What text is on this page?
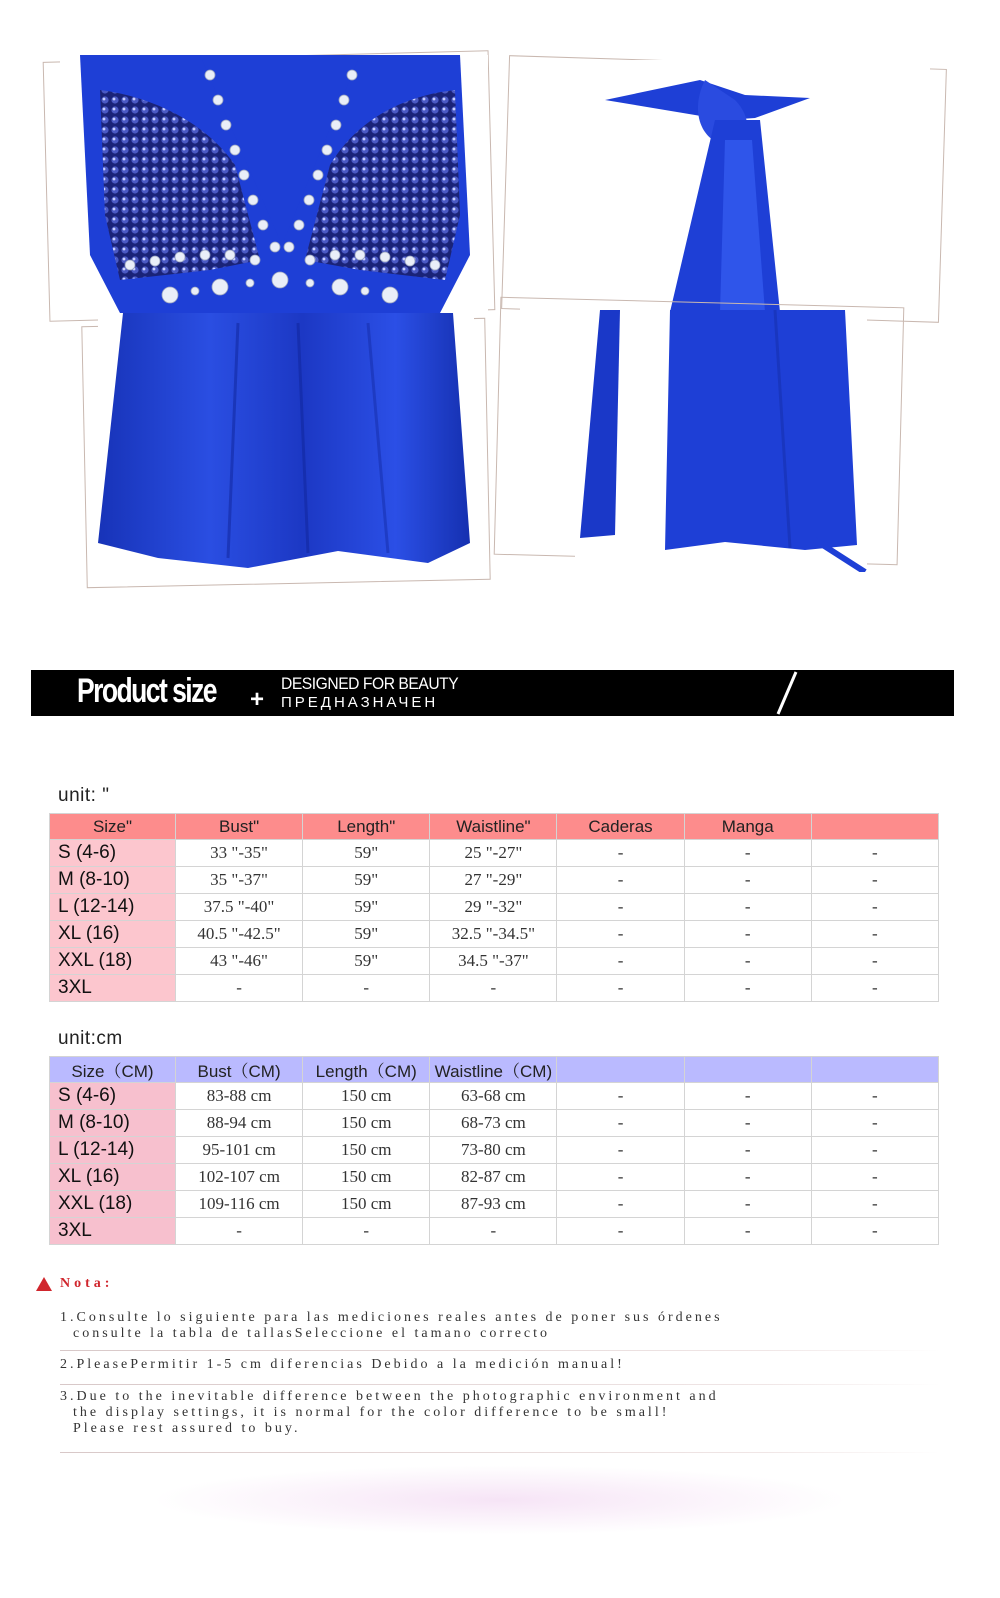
Product size +
DESIGNED FOR BEAUTY
ПРЕДНАЗНАЧЕН
unit: "
Size"	Bust"	Length"	Waistline"	Caderas	Manga	
S (4-6)	33 "-35"	59"	25 "-27"	-	-	-
M (8-10)	35 "-37"	59"	27 "-29"	-	-	-
L (12-14)	37.5 "-40"	59"	29 "-32"	-	-	-
XL (16)	40.5 "-42.5"	59"	32.5 "-34.5"	-	-	-
XXL (18)	43 "-46"	59"	34.5 "-37"	-	-	-
3XL	-	-	-	-	-	-
unit:cm
Size（CM)	Bust（CM)	Length（CM)	Waistline（CM)			
S (4-6)	83-88 cm	150 cm	63-68 cm	-	-	-
M (8-10)	88-94 cm	150 cm	68-73 cm	-	-	-
L (12-14)	95-101 cm	150 cm	73-80 cm	-	-	-
XL (16)	102-107 cm	150 cm	82-87 cm	-	-	-
XXL (18)	109-116 cm	150 cm	87-93 cm	-	-	-
3XL	-	-	-	-	-	-
Nota:
1.Consulte lo siguiente para las mediciones reales antes de poner sus órdenes
consulte la tabla de tallasSeleccione el tamano correcto
2.PleasePermitir 1-5 cm diferencias Debido a la medición manual!
3.Due to the inevitable difference between the photographic environment and
the display settings, it is normal for the color difference to be small!
Please rest assured to buy.
